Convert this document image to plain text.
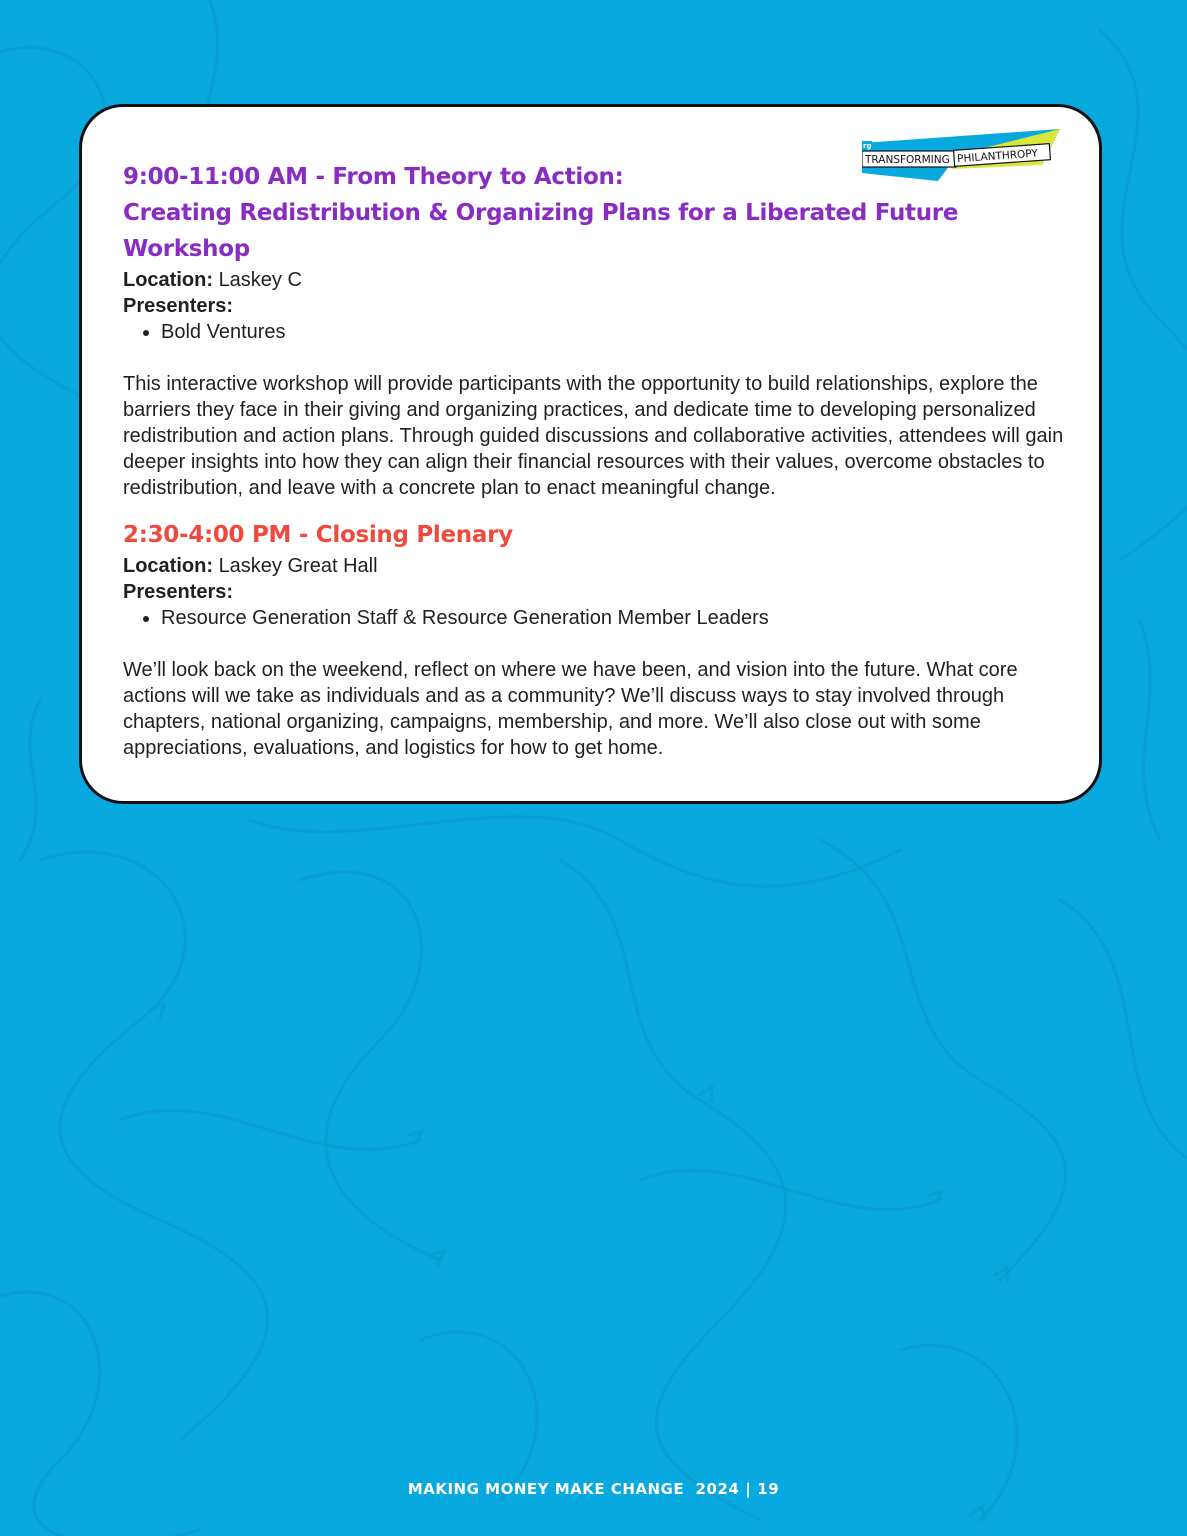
rg
TRANSFORMING PHILANTHROPY
9:00-11:00 AM - From Theory to Action:
Creating Redistribution & Organizing Plans for a Liberated Future Workshop

Location: Laskey C

Presenters:

• Bold Ventures

This interactive workshop will provide participants with the opportunity to build relationships, explore the barriers they face in their giving and organizing practices, and dedicate time to developing personalized redistribution and action plans. Through guided discussions and collaborative activities, attendees will gain deeper insights into how they can align their financial resources with their values, overcome obstacles to redistribution, and leave with a concrete plan to enact meaningful change.

2:30-4:00 PM - Closing Plenary

Location: Laskey Great Hall

Presenters:

• Resource Generation Staff & Resource Generation Member Leaders

We’ll look back on the weekend, reflect on where we have been, and vision into the future. What core actions will we take as individuals and as a community? We’ll discuss ways to stay involved through chapters, national organizing, campaigns, membership, and more. We’ll also close out with some appreciations, evaluations, and logistics for how to get home.

MAKING MONEY MAKE CHANGE  2024 | 19
